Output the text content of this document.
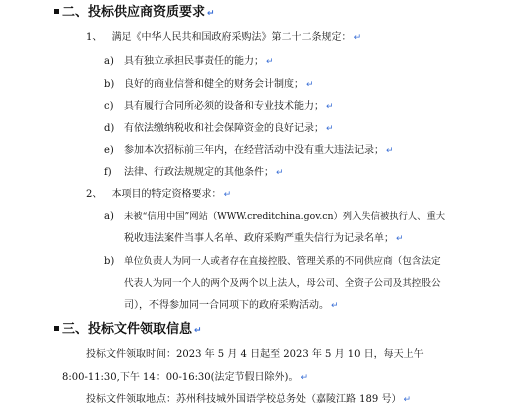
二、投标供应商资质要求 ↵
1、 满足《中华人民共和国政府采购法》第二十二条规定： ↵
a) 具有独立承担民事责任的能力； ↵
b) 良好的商业信誉和健全的财务会计制度； ↵
c) 具有履行合同所必须的设备和专业技术能力； ↵
d) 有依法缴纳税收和社会保障资金的良好记录； ↵
e) 参加本次招标前三年内，在经营活动中没有重大违法记录； ↵
f) 法律、行政法规规定的其他条件； ↵
2、 本项目的特定资格要求： ↵
a) 未被“信用中国”网站（WWW.creditchina.gov.cn）列入失信被执行人、重大
税收违法案件当事人名单、政府采购严重失信行为记录名单； ↵
b) 单位负责人为同一人或者存在直接控股、管理关系的不同供应商（包含法定
代表人为同一个人的两个及两个以上法人，母公司、全资子公司及其控股公
司），不得参加同一合同项下的政府采购活动。 ↵
三、投标文件领取信息 ↵
投标文件领取时间：2023 年 5 月 4 日起至 2023 年 5 月 10 日，每天上午
8:00-11:30,下午 14：00-16:30(法定节假日除外)。 ↵
投标文件领取地点：苏州科技城外国语学校总务处（嘉陵江路 189 号） ↵
